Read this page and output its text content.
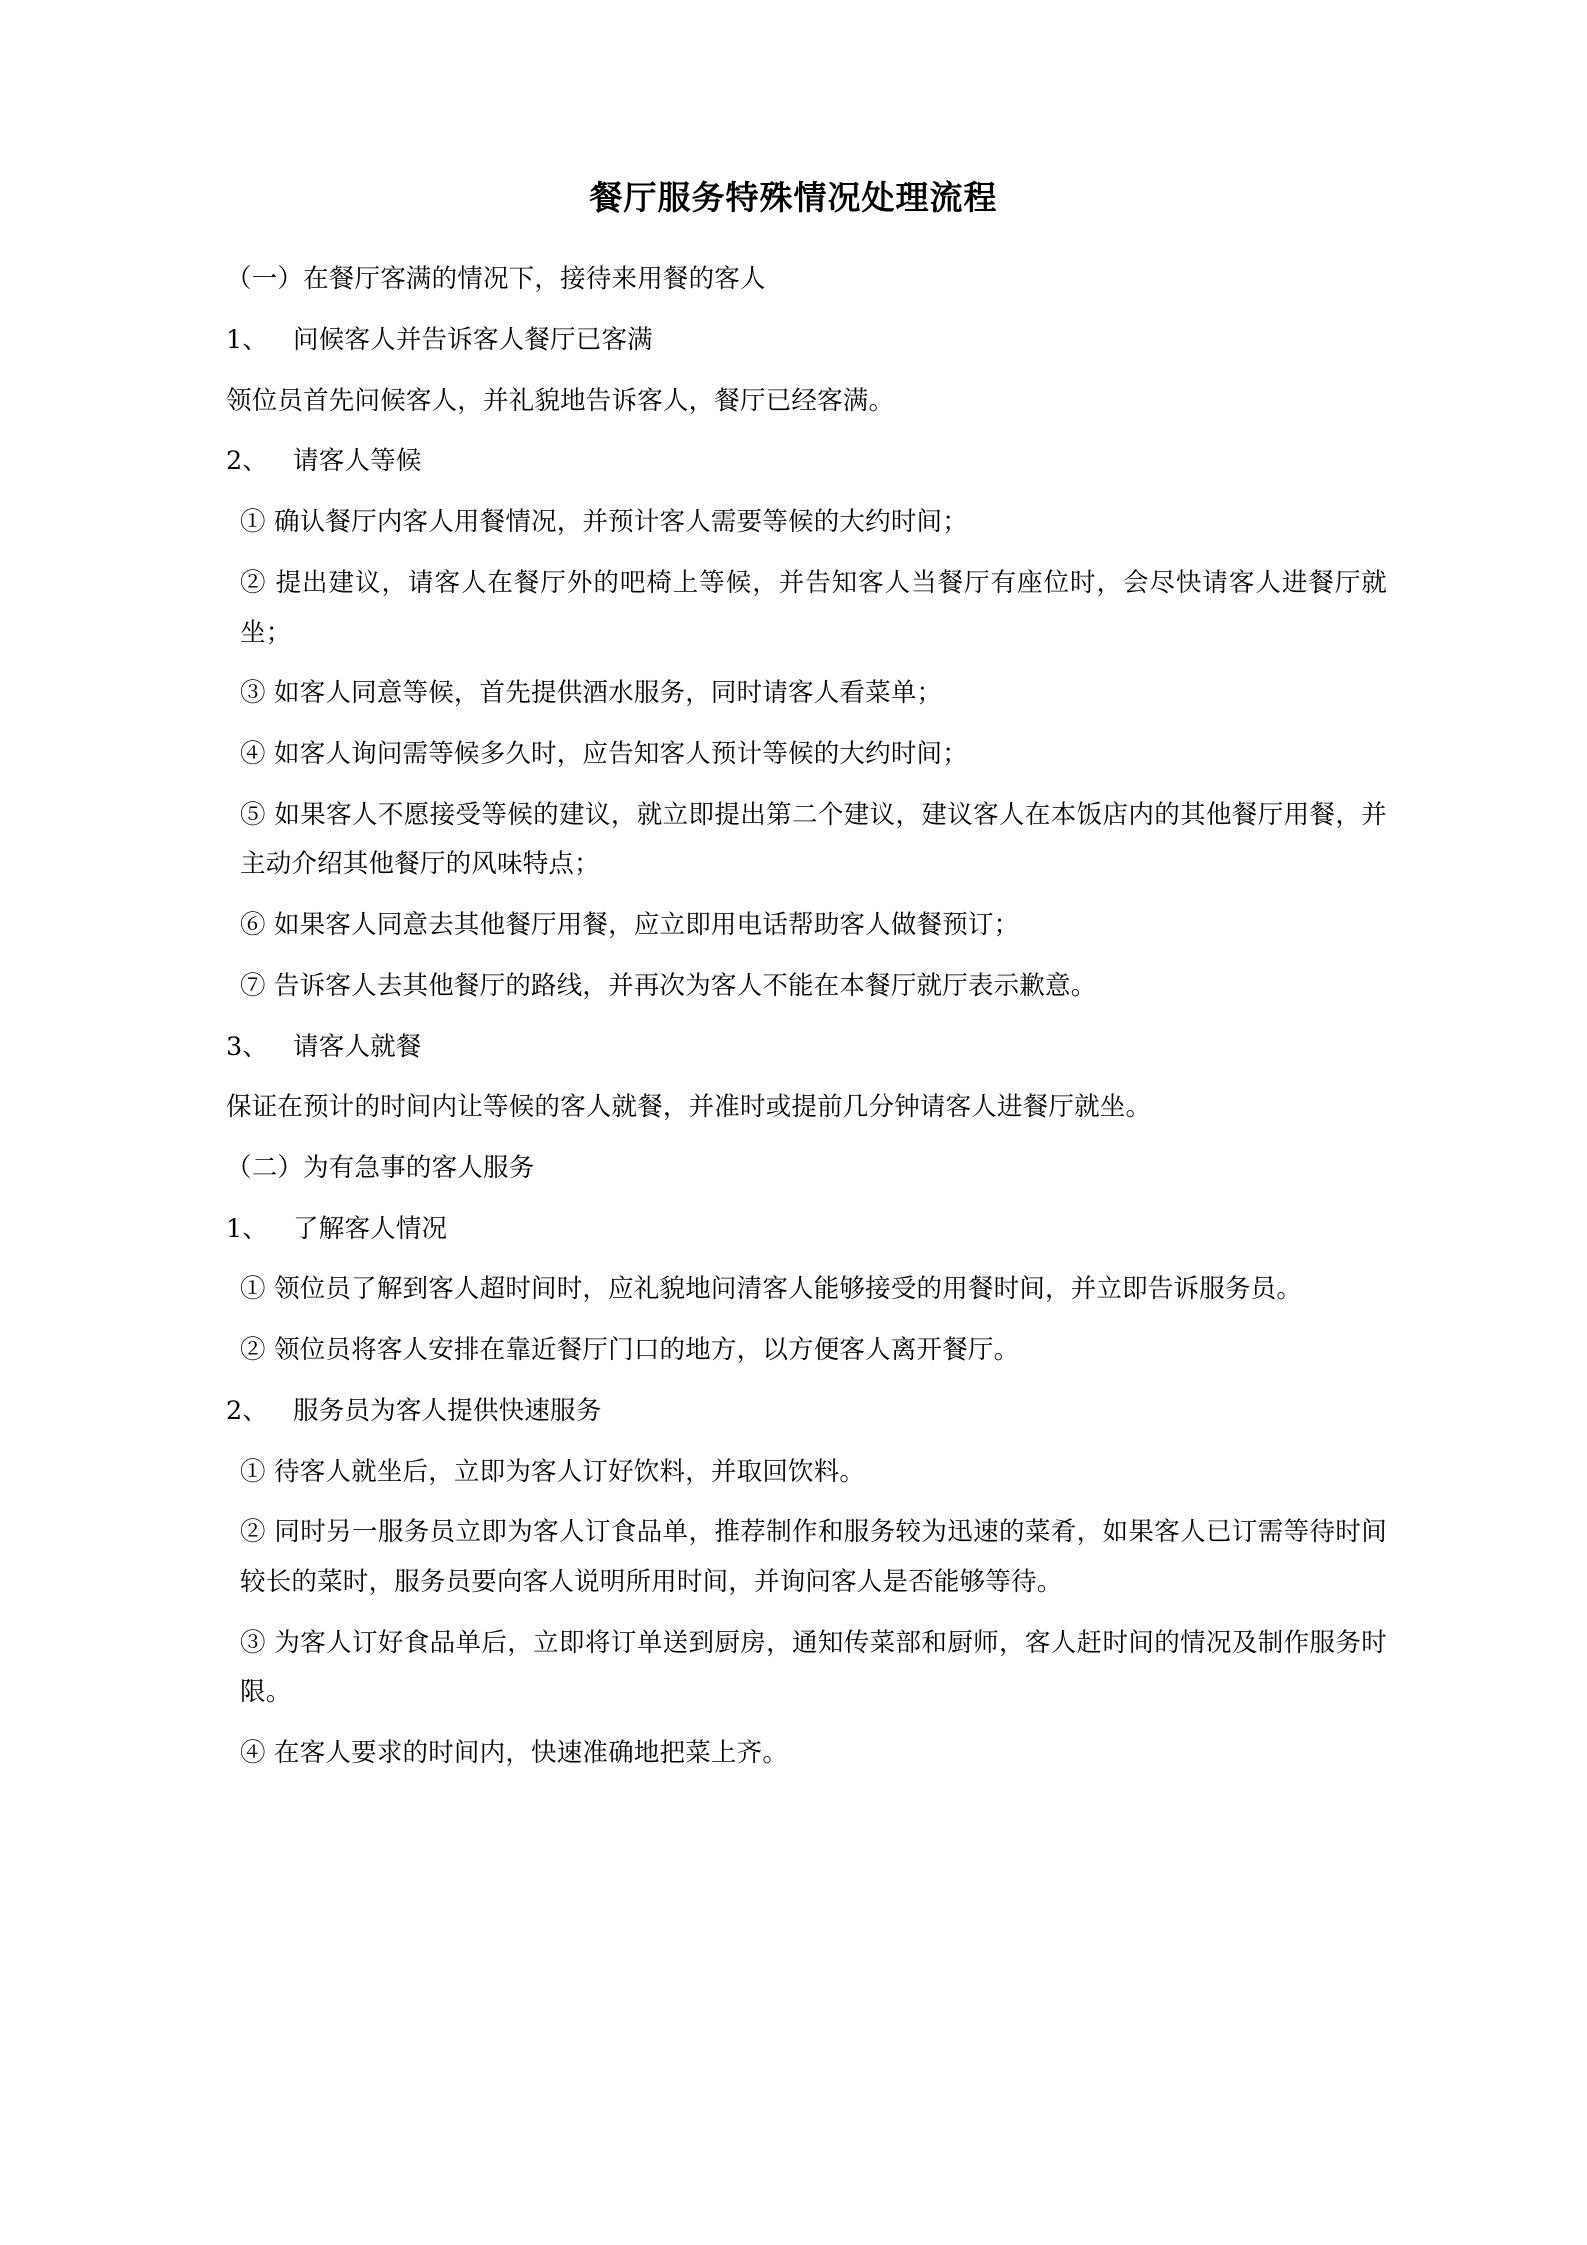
餐厅服务特殊情况处理流程

（一）在餐厅客满的情况下，接待来用餐的客人

1、 问候客人并告诉客人餐厅已客满

领位员首先问候客人，并礼貌地告诉客人，餐厅已经客满。

2、 请客人等候

① 确认餐厅内客人用餐情况，并预计客人需要等候的大约时间；

② 提出建议，请客人在餐厅外的吧椅上等候，并告知客人当餐厅有座位时，会尽快请客人进餐厅就坐；

③ 如客人同意等候，首先提供酒水服务，同时请客人看菜单；

④ 如客人询问需等候多久时，应告知客人预计等候的大约时间；

⑤ 如果客人不愿接受等候的建议，就立即提出第二个建议，建议客人在本饭店内的其他餐厅用餐，并主动介绍其他餐厅的风味特点；

⑥ 如果客人同意去其他餐厅用餐，应立即用电话帮助客人做餐预订；

⑦ 告诉客人去其他餐厅的路线，并再次为客人不能在本餐厅就厅表示歉意。

3、 请客人就餐

保证在预计的时间内让等候的客人就餐，并准时或提前几分钟请客人进餐厅就坐。

（二）为有急事的客人服务

1、 了解客人情况

① 领位员了解到客人超时间时，应礼貌地问清客人能够接受的用餐时间，并立即告诉服务员。

② 领位员将客人安排在靠近餐厅门口的地方，以方便客人离开餐厅。

2、 服务员为客人提供快速服务

① 待客人就坐后，立即为客人订好饮料，并取回饮料。

② 同时另一服务员立即为客人订食品单，推荐制作和服务较为迅速的菜肴，如果客人已订需等待时间较长的菜时，服务员要向客人说明所用时间，并询问客人是否能够等待。

③ 为客人订好食品单后，立即将订单送到厨房，通知传菜部和厨师，客人赶时间的情况及制作服务时限。

④ 在客人要求的时间内，快速准确地把菜上齐。
